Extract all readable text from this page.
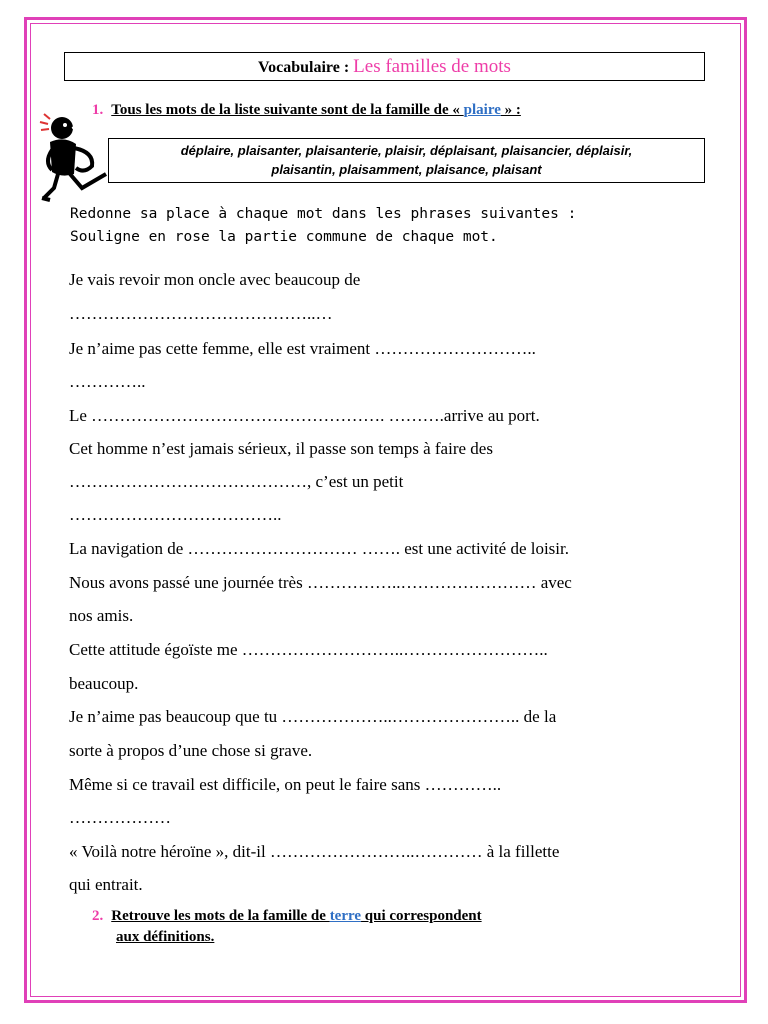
Vocabulaire : Les familles de mots
1. Tous les mots de la liste suivante sont de la famille de « plaire » :
déplaire, plaisanter, plaisanterie, plaisir, déplaisant, plaisancier, déplaisir,
plaisantin, plaisamment, plaisance, plaisant
Redonne sa place à chaque mot dans les phrases suivantes :
Souligne en rose la partie commune de chaque mot.
Je vais revoir mon oncle avec beaucoup de
……………………………………..…
Je n’aime pas cette femme, elle est vraiment ………………………..
…………..
Le ……………………………………………. ……….arrive au port.
Cet homme n’est jamais sérieux, il passe son temps à faire des
……………………………………, c’est un petit
………………………………..
La navigation de ………………………… ……. est une activité de loisir.
Nous avons passé une journée très ……………..…………………… avec
nos amis.
Cette attitude égoïste me ………………………..……………………..
beaucoup.
Je n’aime pas beaucoup que tu ………………..………………….. de la
sorte à propos d’une chose si grave.
Même si ce travail est difficile, on peut le faire sans …………..
………………
« Voilà notre héroïne », dit-il ……………………..………… à la fillette
qui entrait.
2. Retrouve les mots de la famille de terre qui correspondent
aux définitions.
